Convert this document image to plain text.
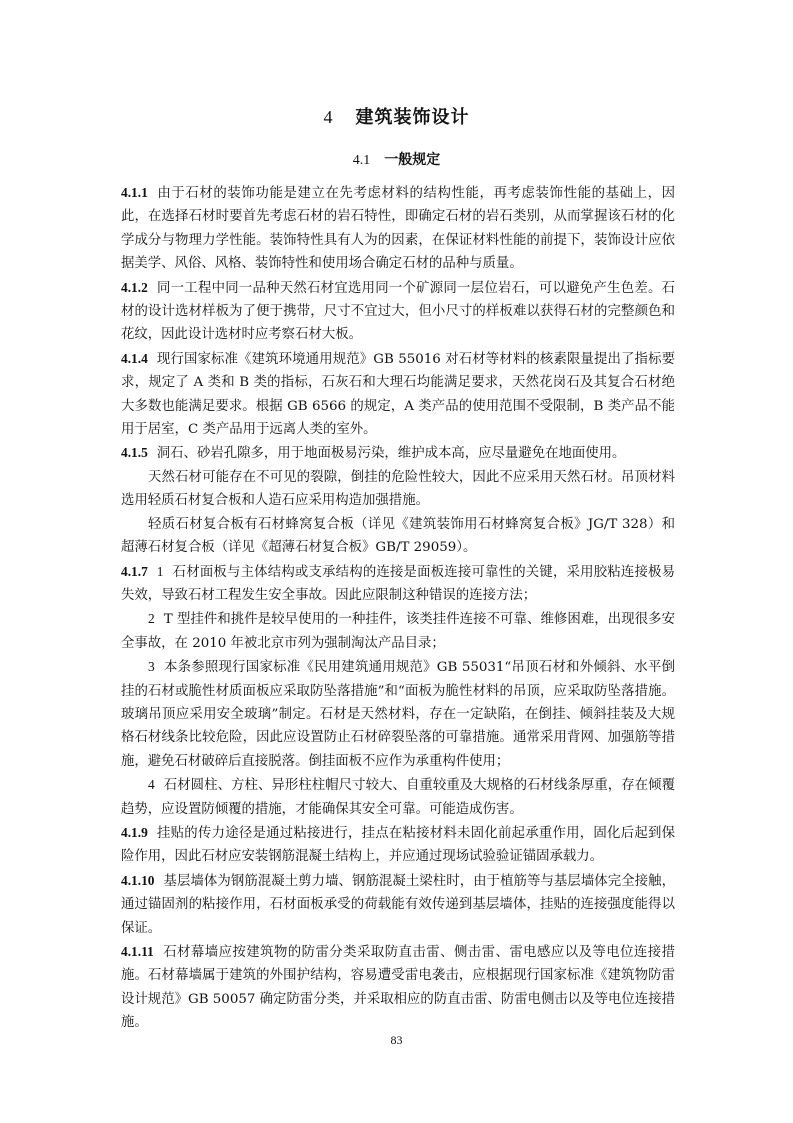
4 建筑装饰设计
4.1 一般规定

4.1.1 由于石材的装饰功能是建立在先考虑材料的结构性能，再考虑装饰性能的基础上，因此，在选择石材时要首先考虑石材的岩石特性，即确定石材的岩石类别，从而掌握该石材的化学成分与物理力学性能。装饰特性具有人为的因素，在保证材料性能的前提下，装饰设计应依据美学、风俗、风格、装饰特性和使用场合确定石材的品种与质量。

4.1.2 同一工程中同一品种天然石材宜选用同一个矿源同一层位岩石，可以避免产生色差。石材的设计选材样板为了便于携带，尺寸不宜过大，但小尺寸的样板难以获得石材的完整颜色和花纹，因此设计选材时应考察石材大板。

4.1.4 现行国家标准《建筑环境通用规范》GB 55016 对石材等材料的核素限量提出了指标要求，规定了 A 类和 B 类的指标，石灰石和大理石均能满足要求，天然花岗石及其复合石材绝大多数也能满足要求。根据 GB 6566 的规定，A 类产品的使用范围不受限制，B 类产品不能用于居室，C 类产品用于远离人类的室外。

4.1.5 洞石、砂岩孔隙多，用于地面极易污染，维护成本高，应尽量避免在地面使用。

天然石材可能存在不可见的裂隙，倒挂的危险性较大，因此不应采用天然石材。吊顶材料选用轻质石材复合板和人造石应采用构造加强措施。

轻质石材复合板有石材蜂窝复合板（详见《建筑装饰用石材蜂窝复合板》JG/T 328）和超薄石材复合板（详见《超薄石材复合板》GB/T 29059）。

4.1.7 1 石材面板与主体结构或支承结构的连接是面板连接可靠性的关键，采用胶粘连接极易失效，导致石材工程发生安全事故。因此应限制这种错误的连接方法；

2 T 型挂件和挑件是较早使用的一种挂件，该类挂件连接不可靠、维修困难，出现很多安全事故，在 2010 年被北京市列为强制淘汰产品目录；

3 本条参照现行国家标准《民用建筑通用规范》GB 55031“吊顶石材和外倾斜、水平倒挂的石材或脆性材质面板应采取防坠落措施”和“面板为脆性材料的吊顶，应采取防坠落措施。玻璃吊顶应采用安全玻璃”制定。石材是天然材料，存在一定缺陷，在倒挂、倾斜挂装及大规格石材线条比较危险，因此应设置防止石材碎裂坠落的可靠措施。通常采用背网、加强筋等措施，避免石材破碎后直接脱落。倒挂面板不应作为承重构件使用；

4 石材圆柱、方柱、异形柱柱帽尺寸较大、自重较重及大规格的石材线条厚重，存在倾覆趋势，应设置防倾覆的措施，才能确保其安全可靠。可能造成伤害。

4.1.9 挂贴的传力途径是通过粘接进行，挂点在粘接材料未固化前起承重作用，固化后起到保险作用，因此石材应安装钢筋混凝土结构上，并应通过现场试验验证锚固承载力。

4.1.10 基层墙体为钢筋混凝土剪力墙、钢筋混凝土梁柱时，由于植筋等与基层墙体完全接触，通过锚固剂的粘接作用，石材面板承受的荷载能有效传递到基层墙体，挂贴的连接强度能得以保证。

4.1.11 石材幕墙应按建筑物的防雷分类采取防直击雷、侧击雷、雷电感应以及等电位连接措施。石材幕墙属于建筑的外围护结构，容易遭受雷电袭击，应根据现行国家标准《建筑物防雷设计规范》GB 50057 确定防雷分类，并采取相应的防直击雷、防雷电侧击以及等电位连接措施。

83
